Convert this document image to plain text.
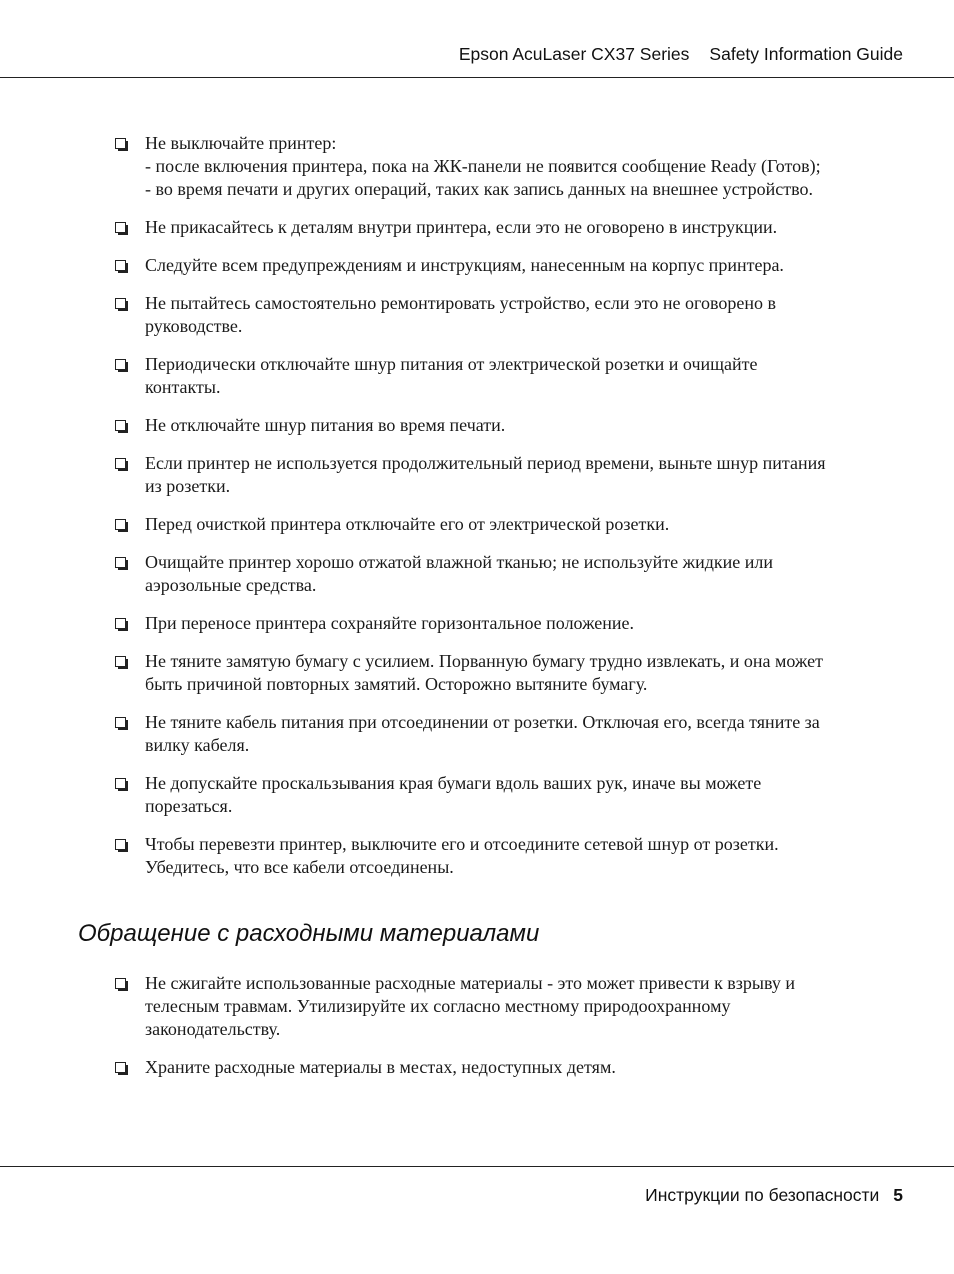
Epson AcuLaser CX37 Series Safety Information Guide
Не выключайте принтер:
- после включения принтера, пока на ЖК-панели не появится сообщение Ready (Готов);
- во время печати и других операций, таких как запись данных на внешнее устройство.
Не прикасайтесь к деталям внутри принтера, если это не оговорено в инструкции.
Следуйте всем предупреждениям и инструкциям, нанесенным на корпус принтера.
Не пытайтесь самостоятельно ремонтировать устройство, если это не оговорено в
руководстве.
Периодически отключайте шнур питания от электрической розетки и очищайте
контакты.
Не отключайте шнур питания во время печати.
Если принтер не используется продолжительный период времени, выньте шнур питания
из розетки.
Перед очисткой принтера отключайте его от электрической розетки.
Очищайте принтер хорошо отжатой влажной тканью; не используйте жидкие или
аэрозольные средства.
При переносе принтера сохраняйте горизонтальное положение.
Не тяните замятую бумагу с усилием. Порванную бумагу трудно извлекать, и она может
быть причиной повторных замятий. Осторожно вытяните бумагу.
Не тяните кабель питания при отсоединении от розетки. Отключая его, всегда тяните за
вилку кабеля.
Не допускайте проскальзывания края бумаги вдоль ваших рук, иначе вы можете
порезаться.
Чтобы перевезти принтер, выключите его и отсоедините сетевой шнур от розетки.
Убедитесь, что все кабели отсоединены.
Обращение с расходными материалами
Не сжигайте использованные расходные материалы - это может привести к взрыву и
телесным травмам. Утилизируйте их согласно местному природоохранному
законодательству.
Храните расходные материалы в местах, недоступных детям.
Инструкции по безопасности 5
